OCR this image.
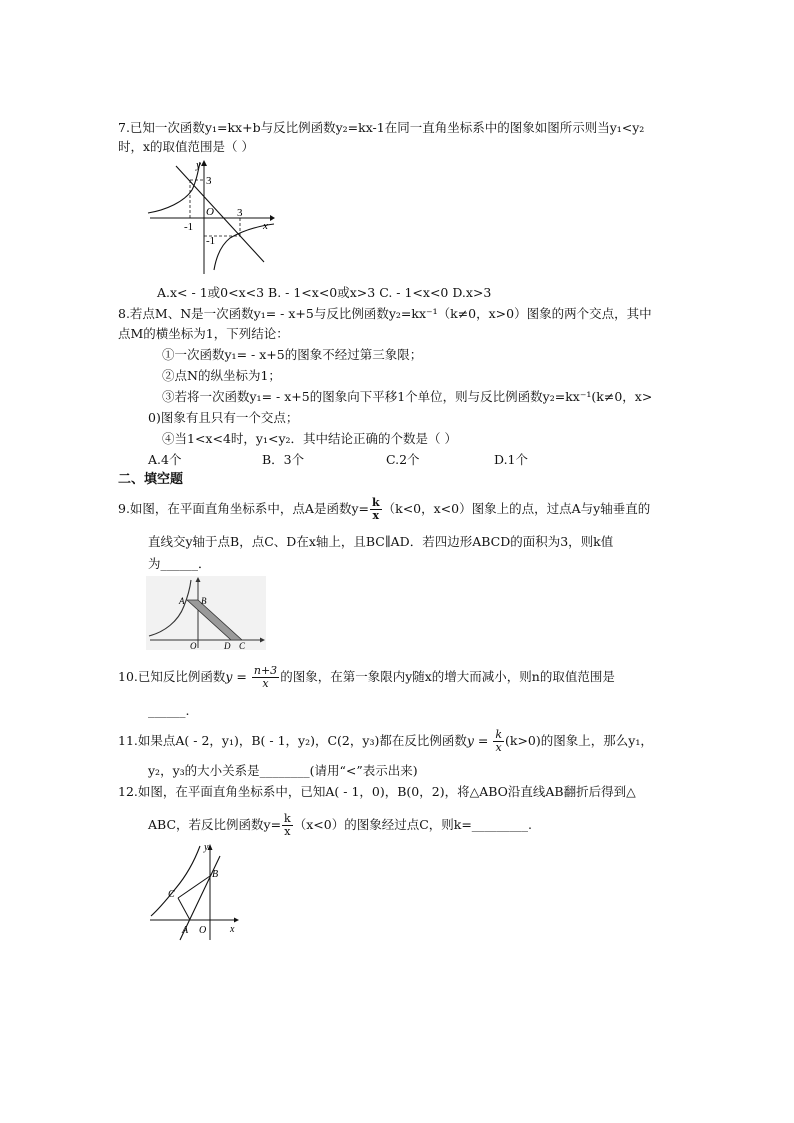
7.已知一次函数y₁=kx+b与反比例函数y₂=kx-1在同一直角坐标系中的图象如图所示则当y₁<y₂
时，x的取值范围是（ ）
y
x
O
3
-1
3
-1
A.x< - 1或0<x<3 B. - 1<x<0或x>3 C. - 1<x<0 D.x>3
8.若点M、N是一次函数y₁= - x+5与反比例函数y₂=kx⁻¹（k≠0，x>0）图象的两个交点，其中
点M的横坐标为1，下列结论：
①一次函数y₁= - x+5的图象不经过第三象限；
②点N的纵坐标为1；
③若将一次函数y₁= - x+5的图象向下平移1个单位，则与反比例函数y₂=kx⁻¹(k≠0，x>
0)图象有且只有一个交点；
④当1<x<4时，y₁<y₂．其中结论正确的个数是（ ）
A.4个	B．3个	C.2个	D.1个
二、填空题
9.如图，在平面直角坐标系中，点A是函数$y= \frac{k}{x} (k<0$，x<0）图象上的点，过点A与y轴垂直的
直线交y轴于点B，点C、D在x轴上，且BC∥AD．若四边形ABCD的面积为3，则k值
为______．
A B
O	D C
10.已知反比例函数$y = \frac{n+3}{x}$ 的图象，在第一象限内y随x的增大而减小，则n的取值范围是
______.
11.如果点A( - 2，y₁)，B( - 1，y₂)，C(2，y₃)都在反比例函数$y = \frac{k}{x} (k>0)$的图象上，那么y₁，
y₂，y₃的大小关系是________(请用“<”表示出来)
12.如图，在平面直角坐标系中，已知A( - 1，0)，B(0，2)，将△ABO沿直线AB翻折后得到△
ABC，若反比例函数$y= \frac{k}{x} (x<0)$的图象经过点C，则k=_________.
y
x
A O
B
C
